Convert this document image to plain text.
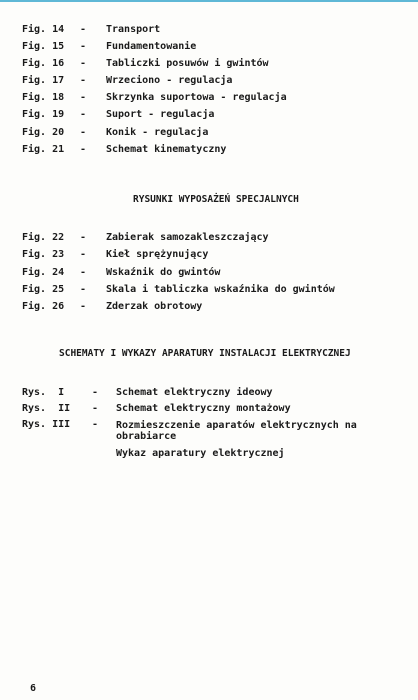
Fig. 14	-	Transport
Fig. 15	-	Fundamentowanie
Fig. 16	-	Tabliczki posuwów i gwintów
Fig. 17	-	Wrzeciono - regulacja
Fig. 18	-	Skrzynka suportowa - regulacja
Fig. 19	-	Suport - regulacja
Fig. 20	-	Konik - regulacja
Fig. 21	-	Schemat kinematyczny
RYSUNKI WYPOSAŻEŃ SPECJALNYCH
Fig. 22	-	Zabierak samozakleszczający
Fig. 23	-	Kieł sprężynujący
Fig. 24	-	Wskaźnik do gwintów
Fig. 25	-	Skala i tabliczka wskaźnika do gwintów
Fig. 26	-	Zderzak obrotowy
SCHEMATY I WYKAZY APARATURY INSTALACJI ELEKTRYCZNEJ
Rys.  I	-	Schemat elektryczny ideowy
Rys.  II	-	Schemat elektryczny montażowy
Rys. III	-	Rozmieszczenie aparatów elektrycznych na obrabiarce
Wykaz aparatury elektrycznej
6
